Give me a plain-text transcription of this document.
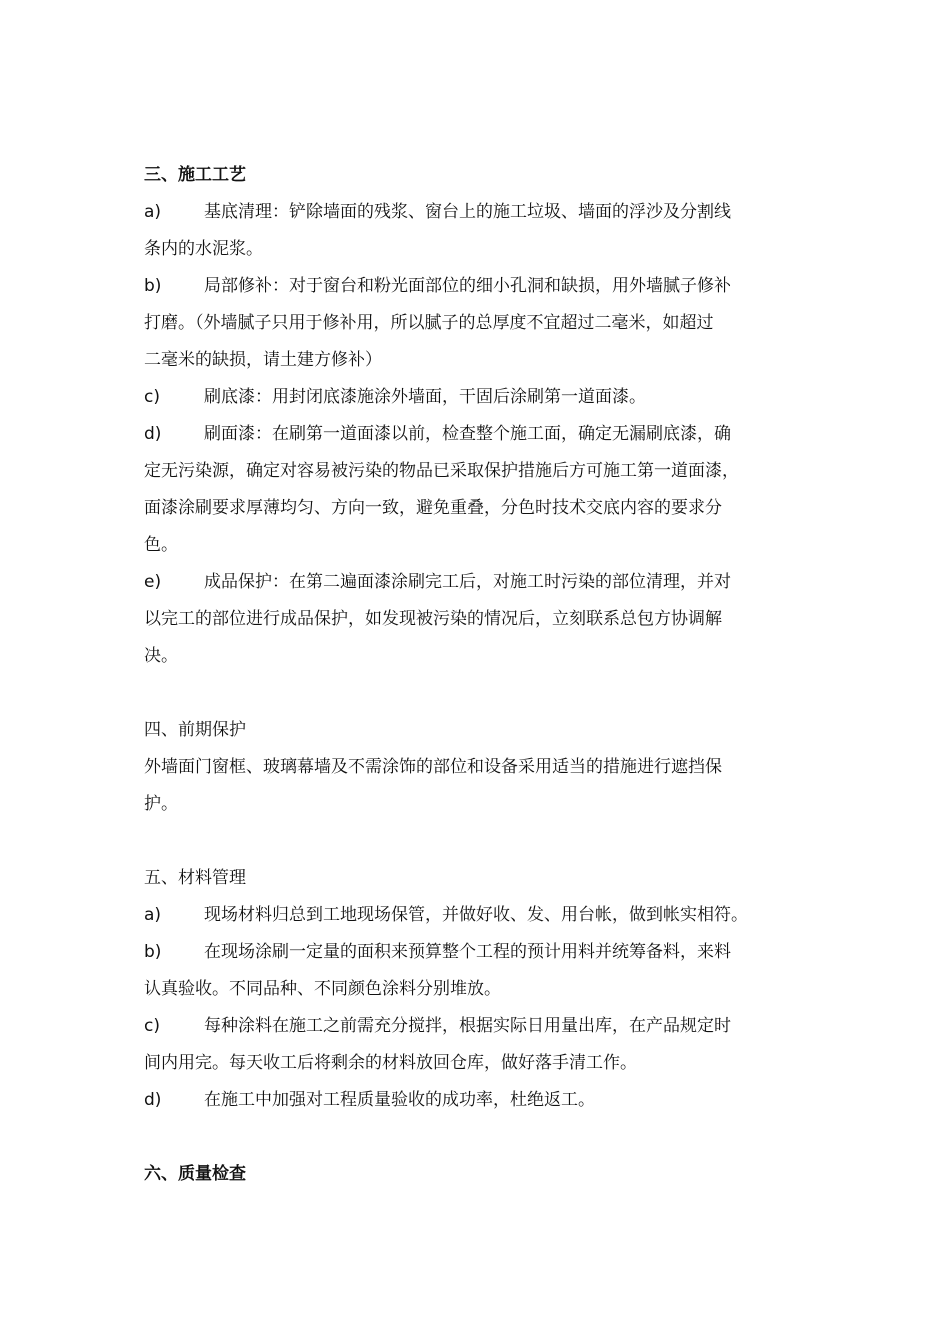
三、施工工艺
a)	基底清理：铲除墙面的残浆、窗台上的施工垃圾、墙面的浮沙及分割线
条内的水泥浆。
b)	局部修补：对于窗台和粉光面部位的细小孔洞和缺损，用外墙腻子修补
打磨。（外墙腻子只用于修补用，所以腻子的总厚度不宜超过二毫米，如超过
二毫米的缺损，请土建方修补）
c)	刷底漆：用封闭底漆施涂外墙面，干固后涂刷第一道面漆。
d)	刷面漆：在刷第一道面漆以前，检查整个施工面，确定无漏刷底漆，确
定无污染源，确定对容易被污染的物品已采取保护措施后方可施工第一道面漆，
面漆涂刷要求厚薄均匀、方向一致，避免重叠，分色时技术交底内容的要求分
色。
e)	成品保护：在第二遍面漆涂刷完工后，对施工时污染的部位清理，并对
以完工的部位进行成品保护，如发现被污染的情况后，立刻联系总包方协调解
决。
四、前期保护
外墙面门窗框、玻璃幕墙及不需涂饰的部位和设备采用适当的措施进行遮挡保
护。
五、材料管理
a)	现场材料归总到工地现场保管，并做好收、发、用台帐，做到帐实相符。
b)	在现场涂刷一定量的面积来预算整个工程的预计用料并统筹备料，来料
认真验收。不同品种、不同颜色涂料分别堆放。
c)	每种涂料在施工之前需充分搅拌，根据实际日用量出库，在产品规定时
间内用完。每天收工后将剩余的材料放回仓库，做好落手清工作。
d)	在施工中加强对工程质量验收的成功率，杜绝返工。
六、质量检查
